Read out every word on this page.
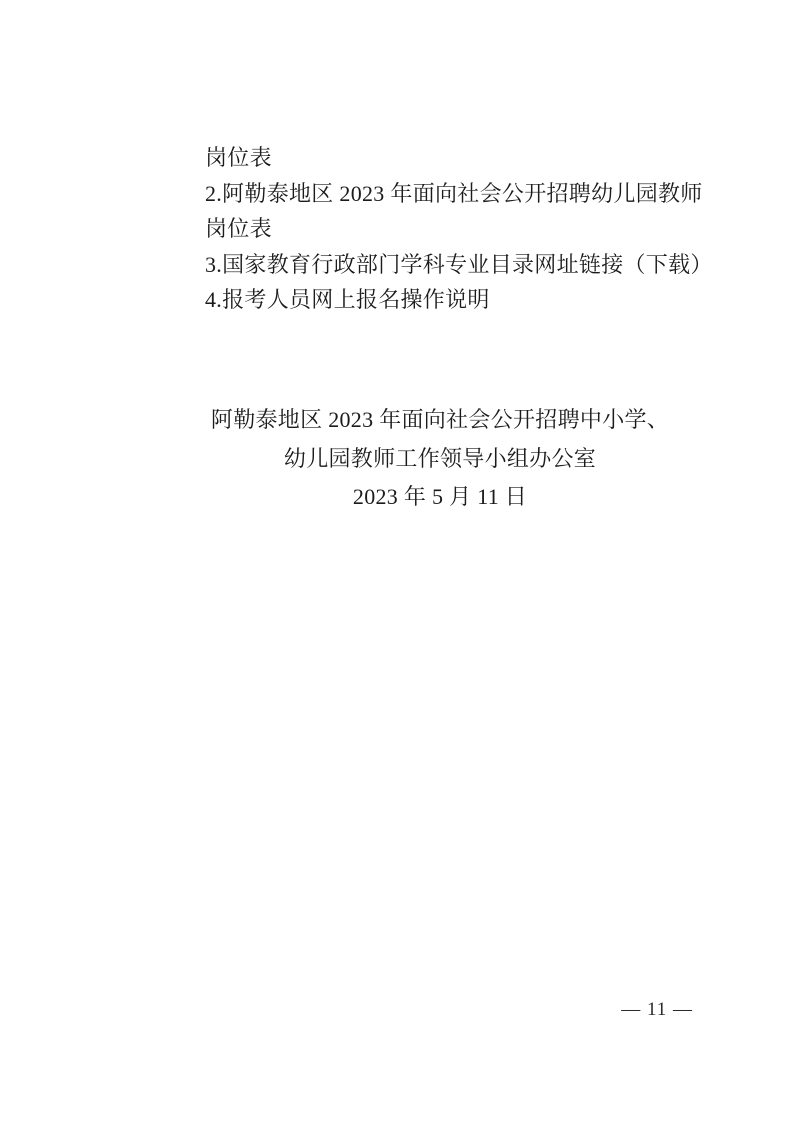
岗位表
2.阿勒泰地区 2023 年面向社会公开招聘幼儿园教师
岗位表
3.国家教育行政部门学科专业目录网址链接（下载）
4.报考人员网上报名操作说明
阿勒泰地区 2023 年面向社会公开招聘中小学、
幼儿园教师工作领导小组办公室
2023 年 5 月 11 日
— 11 —
